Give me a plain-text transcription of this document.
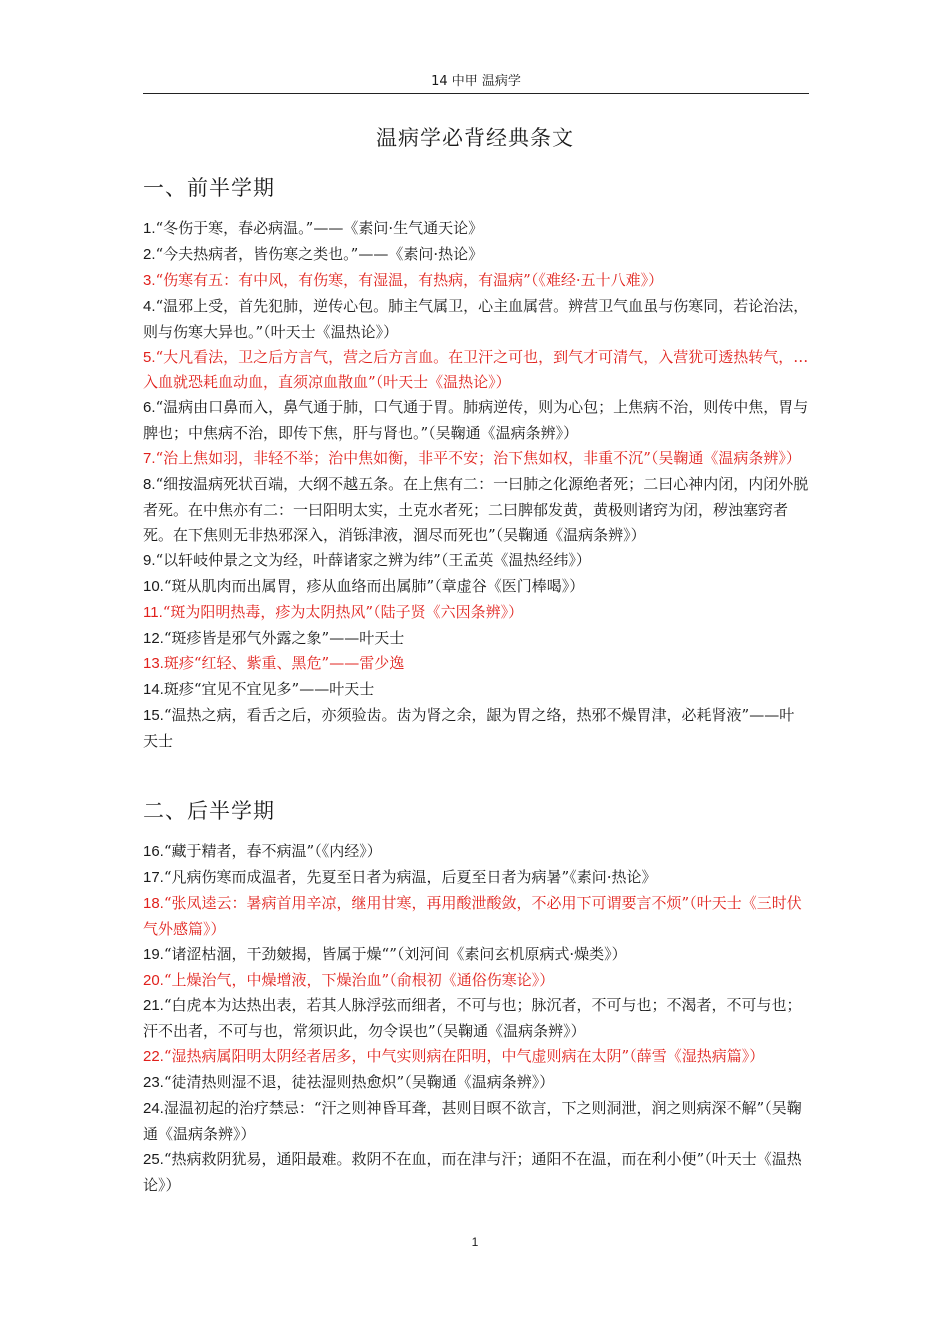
14 中甲 温病学
温病学必背经典条文
一、前半学期

1.“冬伤于寒，春必病温。”——《素问·生气通天论》

2.“今夫热病者，皆伤寒之类也。”——《素问·热论》

3.“伤寒有五：有中风，有伤寒，有湿温，有热病，有温病”（《难经·五十八难》）

4.“温邪上受，首先犯肺，逆传心包。肺主气属卫，心主血属营。辨营卫气血虽与伤寒同，若论治法，则与伤寒大异也。”（叶天士《温热论》）

5.“大凡看法，卫之后方言气，营之后方言血。在卫汗之可也，到气才可清气，入营犹可透热转气，…入血就恐耗血动血，直须凉血散血”（叶天士《温热论》）

6.“温病由口鼻而入，鼻气通于肺，口气通于胃。肺病逆传，则为心包；上焦病不治，则传中焦，胃与脾也；中焦病不治，即传下焦，肝与肾也。”（吴鞠通《温病条辨》）

7.“治上焦如羽，非轻不举；治中焦如衡，非平不安；治下焦如权，非重不沉”（吴鞠通《温病条辨》）

8.“细按温病死状百端，大纲不越五条。在上焦有二：一曰肺之化源绝者死；二曰心神内闭，内闭外脱者死。在中焦亦有二：一曰阳明太实，土克水者死；二曰脾郁发黄，黄极则诸窍为闭，秽浊塞窍者死。在下焦则无非热邪深入，消铄津液，涸尽而死也”（吴鞠通《温病条辨》）

9.“以轩岐仲景之文为经，叶薛诸家之辨为纬”（王孟英《温热经纬》）

10.“斑从肌肉而出属胃，疹从血络而出属肺”（章虚谷《医门棒喝》）

11.“斑为阳明热毒，疹为太阴热风”（陆子贤《六因条辨》）

12.“斑疹皆是邪气外露之象”——叶天士

13.斑疹“红轻、紫重、黑危”——雷少逸

14.斑疹“宜见不宜见多”——叶天士

15.“温热之病，看舌之后，亦须验齿。齿为肾之余，龈为胃之络，热邪不燥胃津，必耗肾液”——叶天士

二、后半学期

16.“藏于精者，春不病温”（《内经》）

17.“凡病伤寒而成温者，先夏至日者为病温，后夏至日者为病暑”《素问·热论》

18.“张凤逵云：暑病首用辛凉，继用甘寒，再用酸泄酸敛，不必用下可谓要言不烦”（叶天士《三时伏气外感篇》）

19.“诸涩枯涸，干劲皴揭，皆属于燥“”（刘河间《素问玄机原病式·燥类》）

20.“上燥治气，中燥增液，下燥治血”（俞根初《通俗伤寒论》）

21.“白虎本为达热出表，若其人脉浮弦而细者，不可与也；脉沉者，不可与也；不渴者，不可与也；汗不出者，不可与也，常须识此，勿令误也”（吴鞠通《温病条辨》）

22.“湿热病属阳明太阴经者居多，中气实则病在阳明，中气虚则病在太阴”（薛雪《湿热病篇》）

23.“徒清热则湿不退，徒祛湿则热愈炽”（吴鞠通《温病条辨》）

24.湿温初起的治疗禁忌：“汗之则神昏耳聋，甚则目暝不欲言，下之则洞泄，润之则病深不解”（吴鞠通《温病条辨》）

25.“热病救阴犹易，通阳最难。救阴不在血，而在津与汗；通阳不在温，而在利小便”（叶天士《温热论》）

1
